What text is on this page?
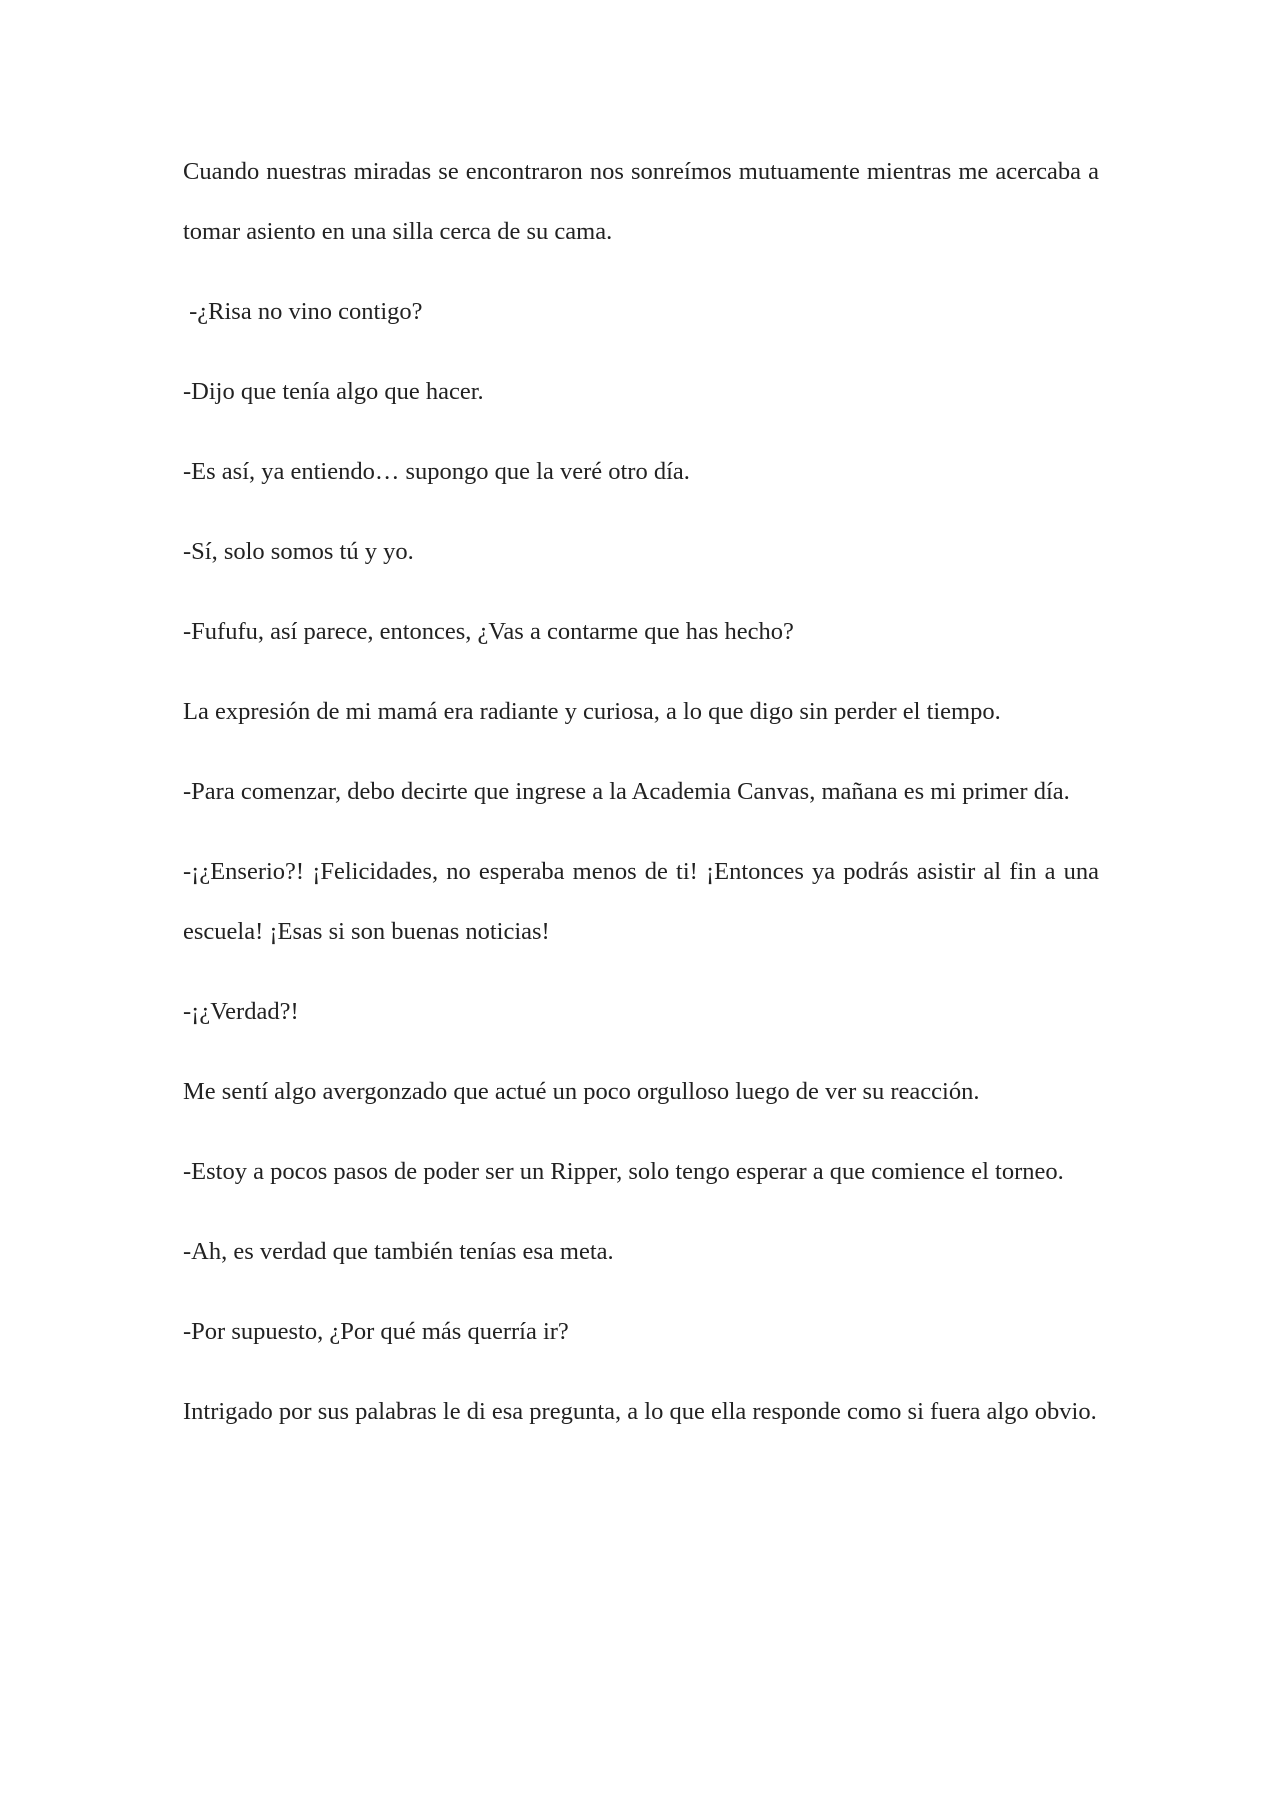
Cuando nuestras miradas se encontraron nos sonreímos mutuamente mientras me acercaba a tomar asiento en una silla cerca de su cama.

-¿Risa no vino contigo?

-Dijo que tenía algo que hacer.

-Es así, ya entiendo… supongo que la veré otro día.

-Sí, solo somos tú y yo.

-Fufufu, así parece, entonces, ¿Vas a contarme que has hecho?

La expresión de mi mamá era radiante y curiosa, a lo que digo sin perder el tiempo.

-Para comenzar, debo decirte que ingrese a la Academia Canvas, mañana es mi primer día.

-¡¿Enserio?! ¡Felicidades, no esperaba menos de ti! ¡Entonces ya podrás asistir al fin a una escuela! ¡Esas si son buenas noticias!

-¡¿Verdad?!

Me sentí algo avergonzado que actué un poco orgulloso luego de ver su reacción.

-Estoy a pocos pasos de poder ser un Ripper, solo tengo esperar a que comience el torneo.

-Ah, es verdad que también tenías esa meta.

-Por supuesto, ¿Por qué más querría ir?

Intrigado por sus palabras le di esa pregunta, a lo que ella responde como si fuera algo obvio.
